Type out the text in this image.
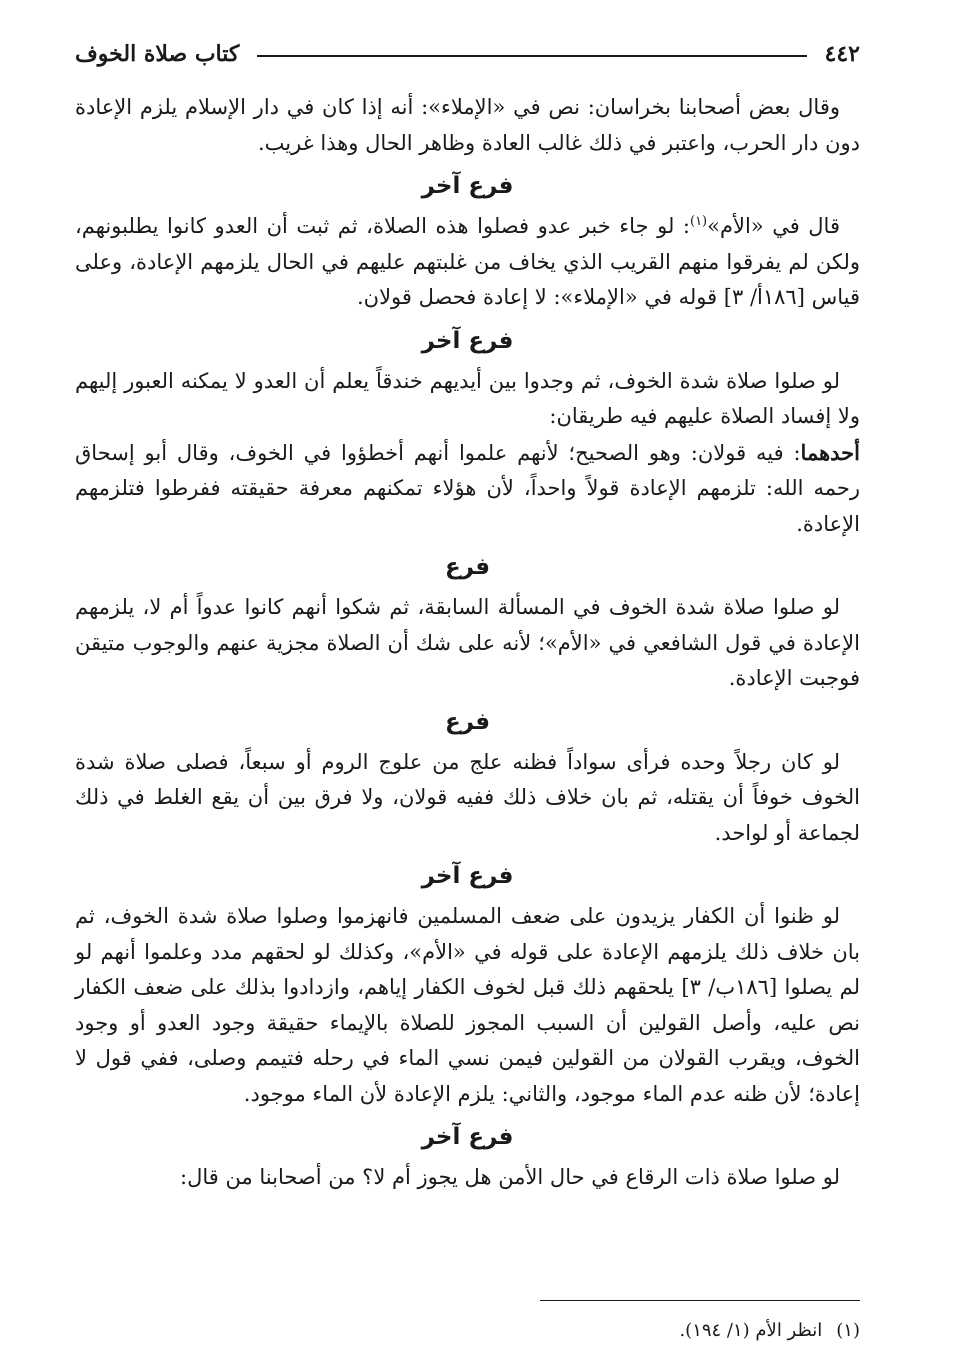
٤٤٢
كتاب صلاة الخوف

وقال بعض أصحابنا بخراسان: نص في «الإملاء»: أنه إذا كان في دار الإسلام يلزم الإعادة دون دار الحرب، واعتبر في ذلك غالب العادة وظاهر الحال وهذا غريب.

فرع آخر

قال في «الأم»$^{(١)}$: لو جاء خبر عدو فصلوا هذه الصلاة، ثم ثبت أن العدو كانوا يطلبونهم، ولكن لم يفرقوا منهم القريب الذي يخاف من غلبتهم عليهم في الحال يلزمهم الإعادة، وعلى قياس [١٨٦أ/ ٣] قوله في «الإملاء»: لا إعادة فحصل قولان.

فرع آخر

لو صلوا صلاة شدة الخوف، ثم وجدوا بين أيديهم خندقاً يعلم أن العدو لا يمكنه العبور إليهم ولا إفساد الصلاة عليهم فيه طريقان:

أحدهما: فيه قولان: وهو الصحيح؛ لأنهم علموا أنهم أخطؤوا في الخوف، وقال أبو إسحاق رحمه الله: تلزمهم الإعادة قولاً واحداً، لأن هؤلاء تمكنهم معرفة حقيقته ففرطوا فتلزمهم الإعادة.

فرع

لو صلوا صلاة شدة الخوف في المسألة السابقة، ثم شكوا أنهم كانوا عدواً أم لا، يلزمهم الإعادة في قول الشافعي في «الأم»؛ لأنه على شك أن الصلاة مجزية عنهم والوجوب متيقن فوجبت الإعادة.

فرع

لو كان رجلاً وحده فرأى سواداً فظنه علج من علوج الروم أو سبعاً، فصلى صلاة شدة الخوف خوفاً أن يقتله، ثم بان خلاف ذلك ففيه قولان، ولا فرق بين أن يقع الغلط في ذلك لجماعة أو لواحد.

فرع آخر

لو ظنوا أن الكفار يزيدون على ضعف المسلمين فانهزموا وصلوا صلاة شدة الخوف، ثم بان خلاف ذلك يلزمهم الإعادة على قوله في «الأم»، وكذلك لو لحقهم مدد وعلموا أنهم لو لم يصلوا [١٨٦ب/ ٣] يلحقهم ذلك قبل لخوف الكفار إياهم، وازدادوا بذلك على ضعف الكفار نص عليه، وأصل القولين أن السبب المجوز للصلاة بالإيماء حقيقة وجود العدو أو وجود الخوف، ويقرب القولان من القولين فيمن نسي الماء في رحله فتيمم وصلى، ففي قول لا إعادة؛ لأن ظنه عدم الماء موجود، والثاني: يلزم الإعادة لأن الماء موجود.

فرع آخر

لو صلوا صلاة ذات الرقاع في حال الأمن هل يجوز أم لا؟ من أصحابنا من قال:

(١)
انظر الأم (١/ ١٩٤).
